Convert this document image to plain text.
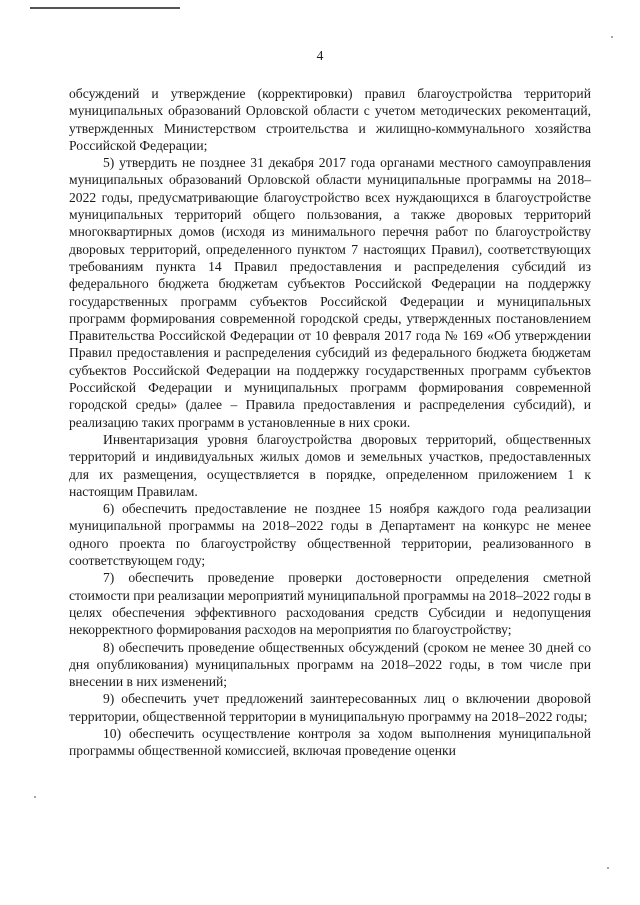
4

обсуждений и утверждение (корректировки) правил благоустройства территорий муниципальных образований Орловской области с учетом методических рекоментаций, утвержденных Министерством строительства и жилищно-коммунального хозяйства Российской Федерации;

5) утвердить не позднее 31 декабря 2017 года органами местного самоуправления муниципальных образований Орловской области муниципальные программы на 2018–2022 годы, предусматривающие благоустройство всех нуждающихся в благоустройстве муниципальных территорий общего пользования, а также дворовых территорий многоквартирных домов (исходя из минимального перечня работ по благоустройству дворовых территорий, определенного пунктом 7 настоящих Правил), соответствующих требованиям пункта 14 Правил предоставления и распределения субсидий из федерального бюджета бюджетам субъектов Российской Федерации на поддержку государственных программ субъектов Российской Федерации и муниципальных программ формирования современной городской среды, утвержденных постановлением Правительства Российской Федерации от 10 февраля 2017 года № 169 «Об утверждении Правил предоставления и распределения субсидий из федерального бюджета бюджетам субъектов Российской Федерации на поддержку государственных программ субъектов Российской Федерации и муниципальных программ формирования современной городской среды» (далее – Правила предоставления и распределения субсидий), и реализацию таких программ в установленные в них сроки.

Инвентаризация уровня благоустройства дворовых территорий, общественных территорий и индивидуальных жилых домов и земельных участков, предоставленных для их размещения, осуществляется в порядке, определенном приложением 1 к настоящим Правилам.

6) обеспечить предоставление не позднее 15 ноября каждого года реализации муниципальной программы на 2018–2022 годы в Департамент на конкурс не менее одного проекта по благоустройству общественной территории, реализованного в соответствующем году;

7) обеспечить проведение проверки достоверности определения сметной стоимости при реализации мероприятий муниципальной программы на 2018–2022 годы в целях обеспечения эффективного расходования средств Субсидии и недопущения некорректного формирования расходов на мероприятия по благоустройству;

8) обеспечить проведение общественных обсуждений (сроком не менее 30 дней со дня опубликования) муниципальных программ на 2018–2022 годы, в том числе при внесении в них изменений;

9) обеспечить учет предложений заинтересованных лиц о включении дворовой территории, общественной территории в муниципальную программу на 2018–2022 годы;

10) обеспечить осуществление контроля за ходом выполнения муниципальной программы общественной комиссией, включая проведение оценки
